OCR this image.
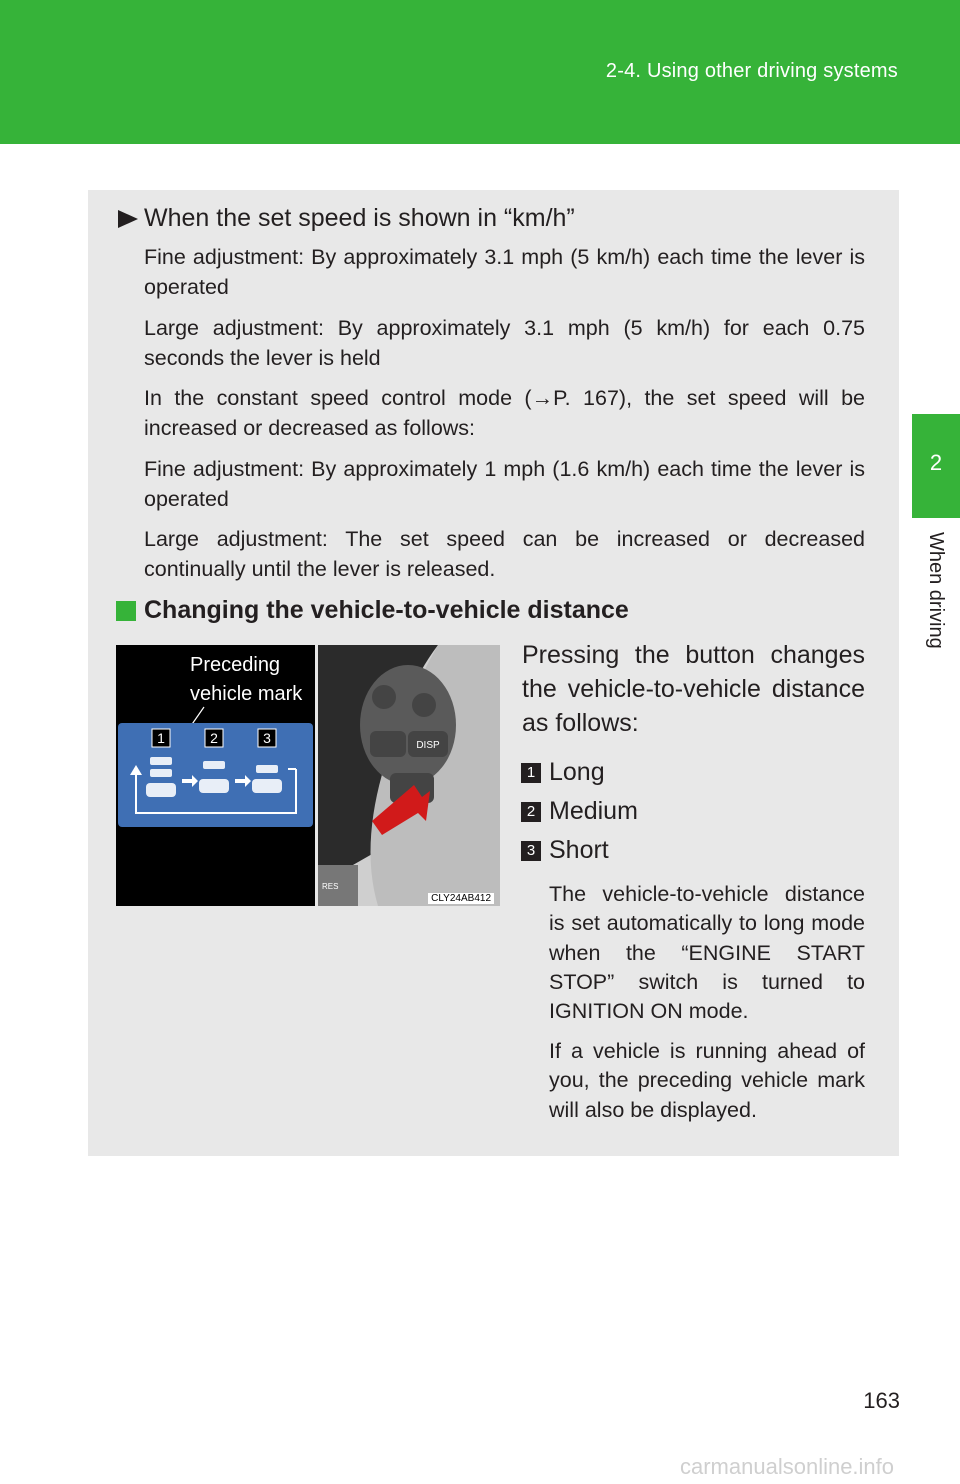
2-4. Using other driving systems
2
When driving
When the set speed is shown in “km/h”
Fine adjustment: By approximately 3.1 mph (5 km/h) each time the lever is operated
Large adjustment: By approximately 3.1 mph (5 km/h) for each 0.75 seconds the lever is held
In the constant speed control mode (→P. 167), the set speed will be increased or decreased as follows:
Fine adjustment: By approximately 1 mph (1.6 km/h) each time the lever is operated
Large adjustment: The set speed can be increased or decreased continually until the lever is released.
Changing the vehicle-to-vehicle distance
Preceding
vehicle mark
1	2	3	DISP
RES
CLY24AB412
Pressing the button changes the vehicle-to-vehicle distance as follows:
1 Long
2 Medium
3 Short
The vehicle-to-vehicle distance is set automatically to long mode when the “ENGINE START STOP” switch is turned to IGNITION ON mode.
If a vehicle is running ahead of you, the preceding vehicle mark will also be displayed.
163
carmanualsonline.info
